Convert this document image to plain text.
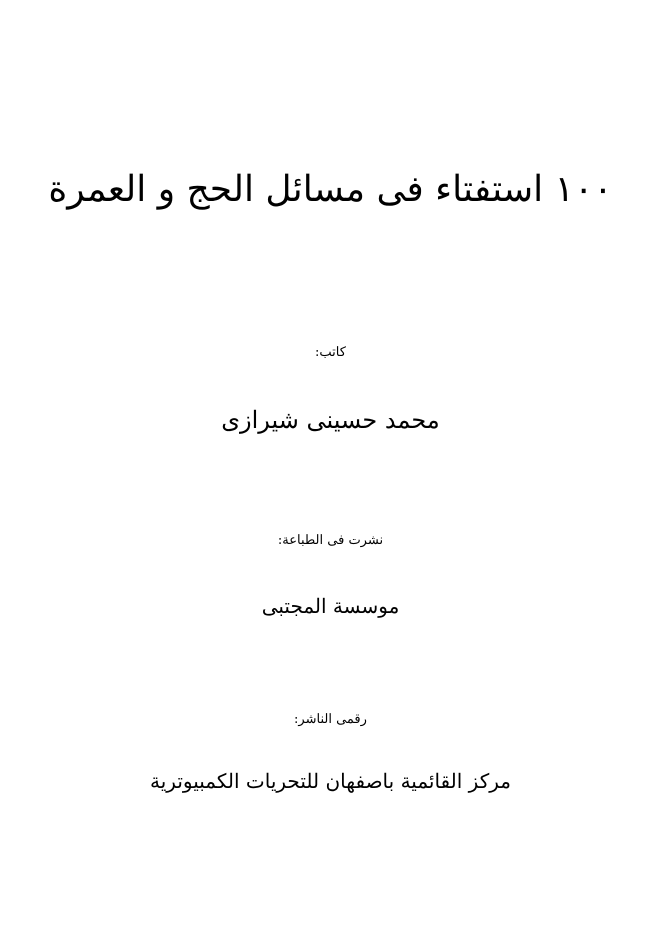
۱۰۰ استفتاء فی مسائل الحج و العمرة
کاتب:
محمد حسینی شیرازی
نشرت فی الطباعة:
موسسة المجتبی
رقمی الناشر:
مرکز القائمیة باصفهان للتحریات الکمبیوتریة
